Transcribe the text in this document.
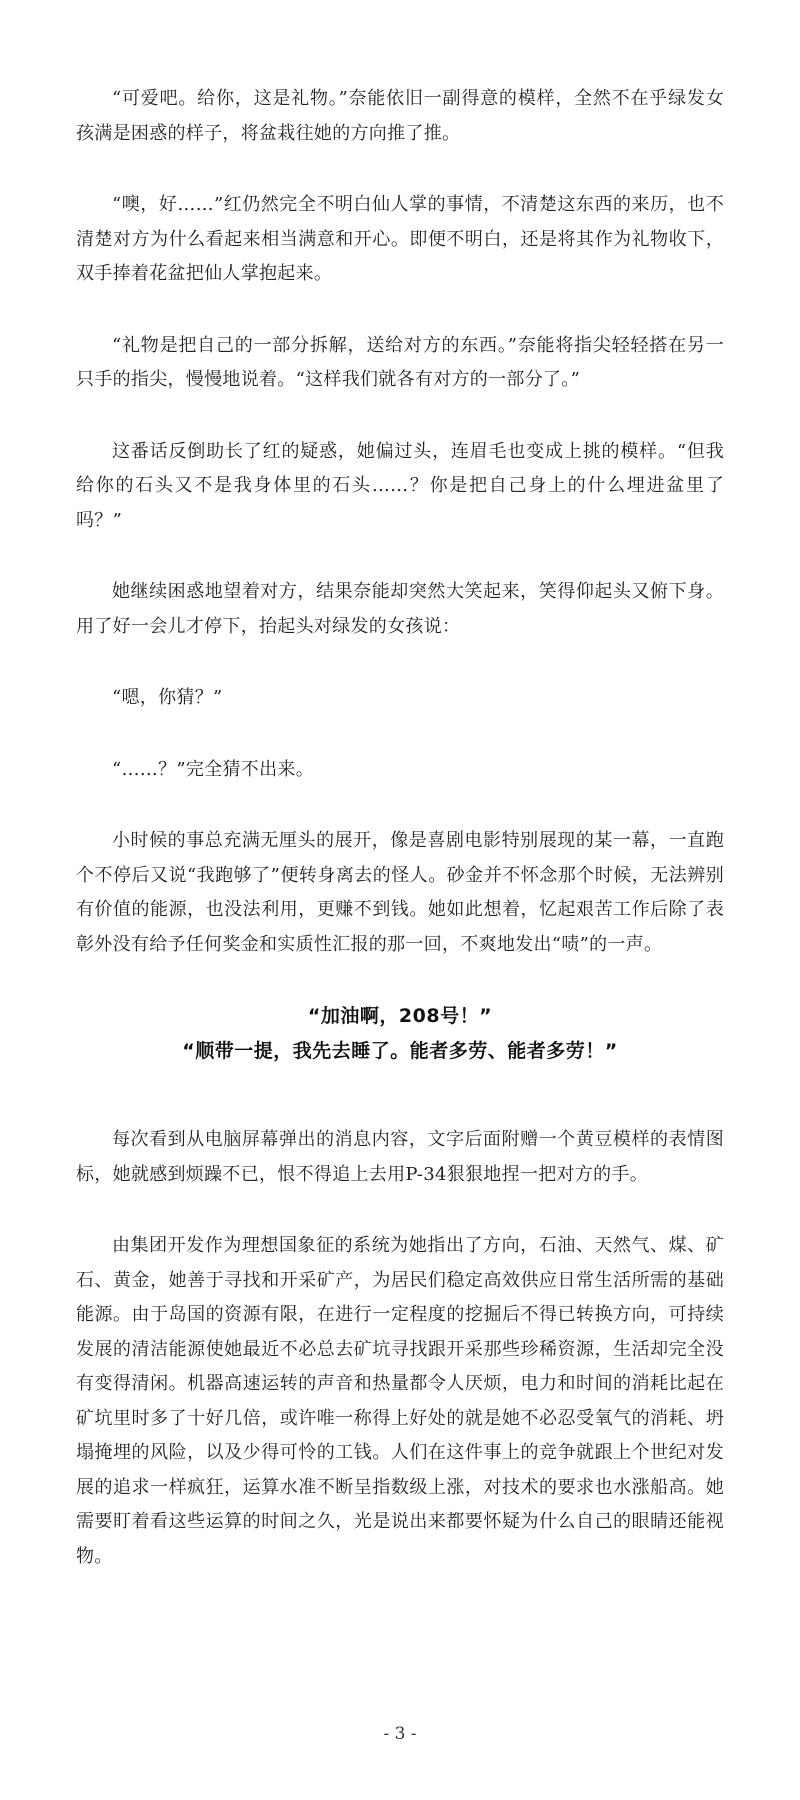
“可爱吧。给你，这是礼物。”奈能依旧一副得意的模样，全然不在乎绿发女孩满是困惑的样子，将盆栽往她的方向推了推。

“噢，好……”红仍然完全不明白仙人掌的事情，不清楚这东西的来历，也不清楚对方为什么看起来相当满意和开心。即便不明白，还是将其作为礼物收下，双手捧着花盆把仙人掌抱起来。

“礼物是把自己的一部分拆解，送给对方的东西。”奈能将指尖轻轻搭在另一只手的指尖，慢慢地说着。“这样我们就各有对方的一部分了。”

这番话反倒助长了红的疑惑，她偏过头，连眉毛也变成上挑的模样。“但我给你的石头又不是我身体里的石头……？你是把自己身上的什么埋进盆里了吗？”

她继续困惑地望着对方，结果奈能却突然大笑起来，笑得仰起头又俯下身。用了好一会儿才停下，抬起头对绿发的女孩说：

“嗯，你猜？”

“……？”完全猜不出来。

小时候的事总充满无厘头的展开，像是喜剧电影特别展现的某一幕，一直跑个不停后又说“我跑够了”便转身离去的怪人。砂金并不怀念那个时候，无法辨别有价值的能源，也没法利用，更赚不到钱。她如此想着，忆起艰苦工作后除了表彰外没有给予任何奖金和实质性汇报的那一回，不爽地发出“啧”的一声。

“加油啊，208号！”
“顺带一提，我先去睡了。能者多劳、能者多劳！”

每次看到从电脑屏幕弹出的消息内容，文字后面附赠一个黄豆模样的表情图标，她就感到烦躁不已，恨不得追上去用P-34狠狠地捏一把对方的手。

由集团开发作为理想国象征的系统为她指出了方向，石油、天然气、煤、矿石、黄金，她善于寻找和开采矿产，为居民们稳定高效供应日常生活所需的基础能源。由于岛国的资源有限，在进行一定程度的挖掘后不得已转换方向，可持续发展的清洁能源使她最近不必总去矿坑寻找跟开采那些珍稀资源，生活却完全没有变得清闲。机器高速运转的声音和热量都令人厌烦，电力和时间的消耗比起在矿坑里时多了十好几倍，或许唯一称得上好处的就是她不必忍受氧气的消耗、坍塌掩埋的风险，以及少得可怜的工钱。人们在这件事上的竞争就跟上个世纪对发展的追求一样疯狂，运算水准不断呈指数级上涨，对技术的要求也水涨船高。她需要盯着看这些运算的时间之久，光是说出来都要怀疑为什么自己的眼睛还能视物。

- 3 -
